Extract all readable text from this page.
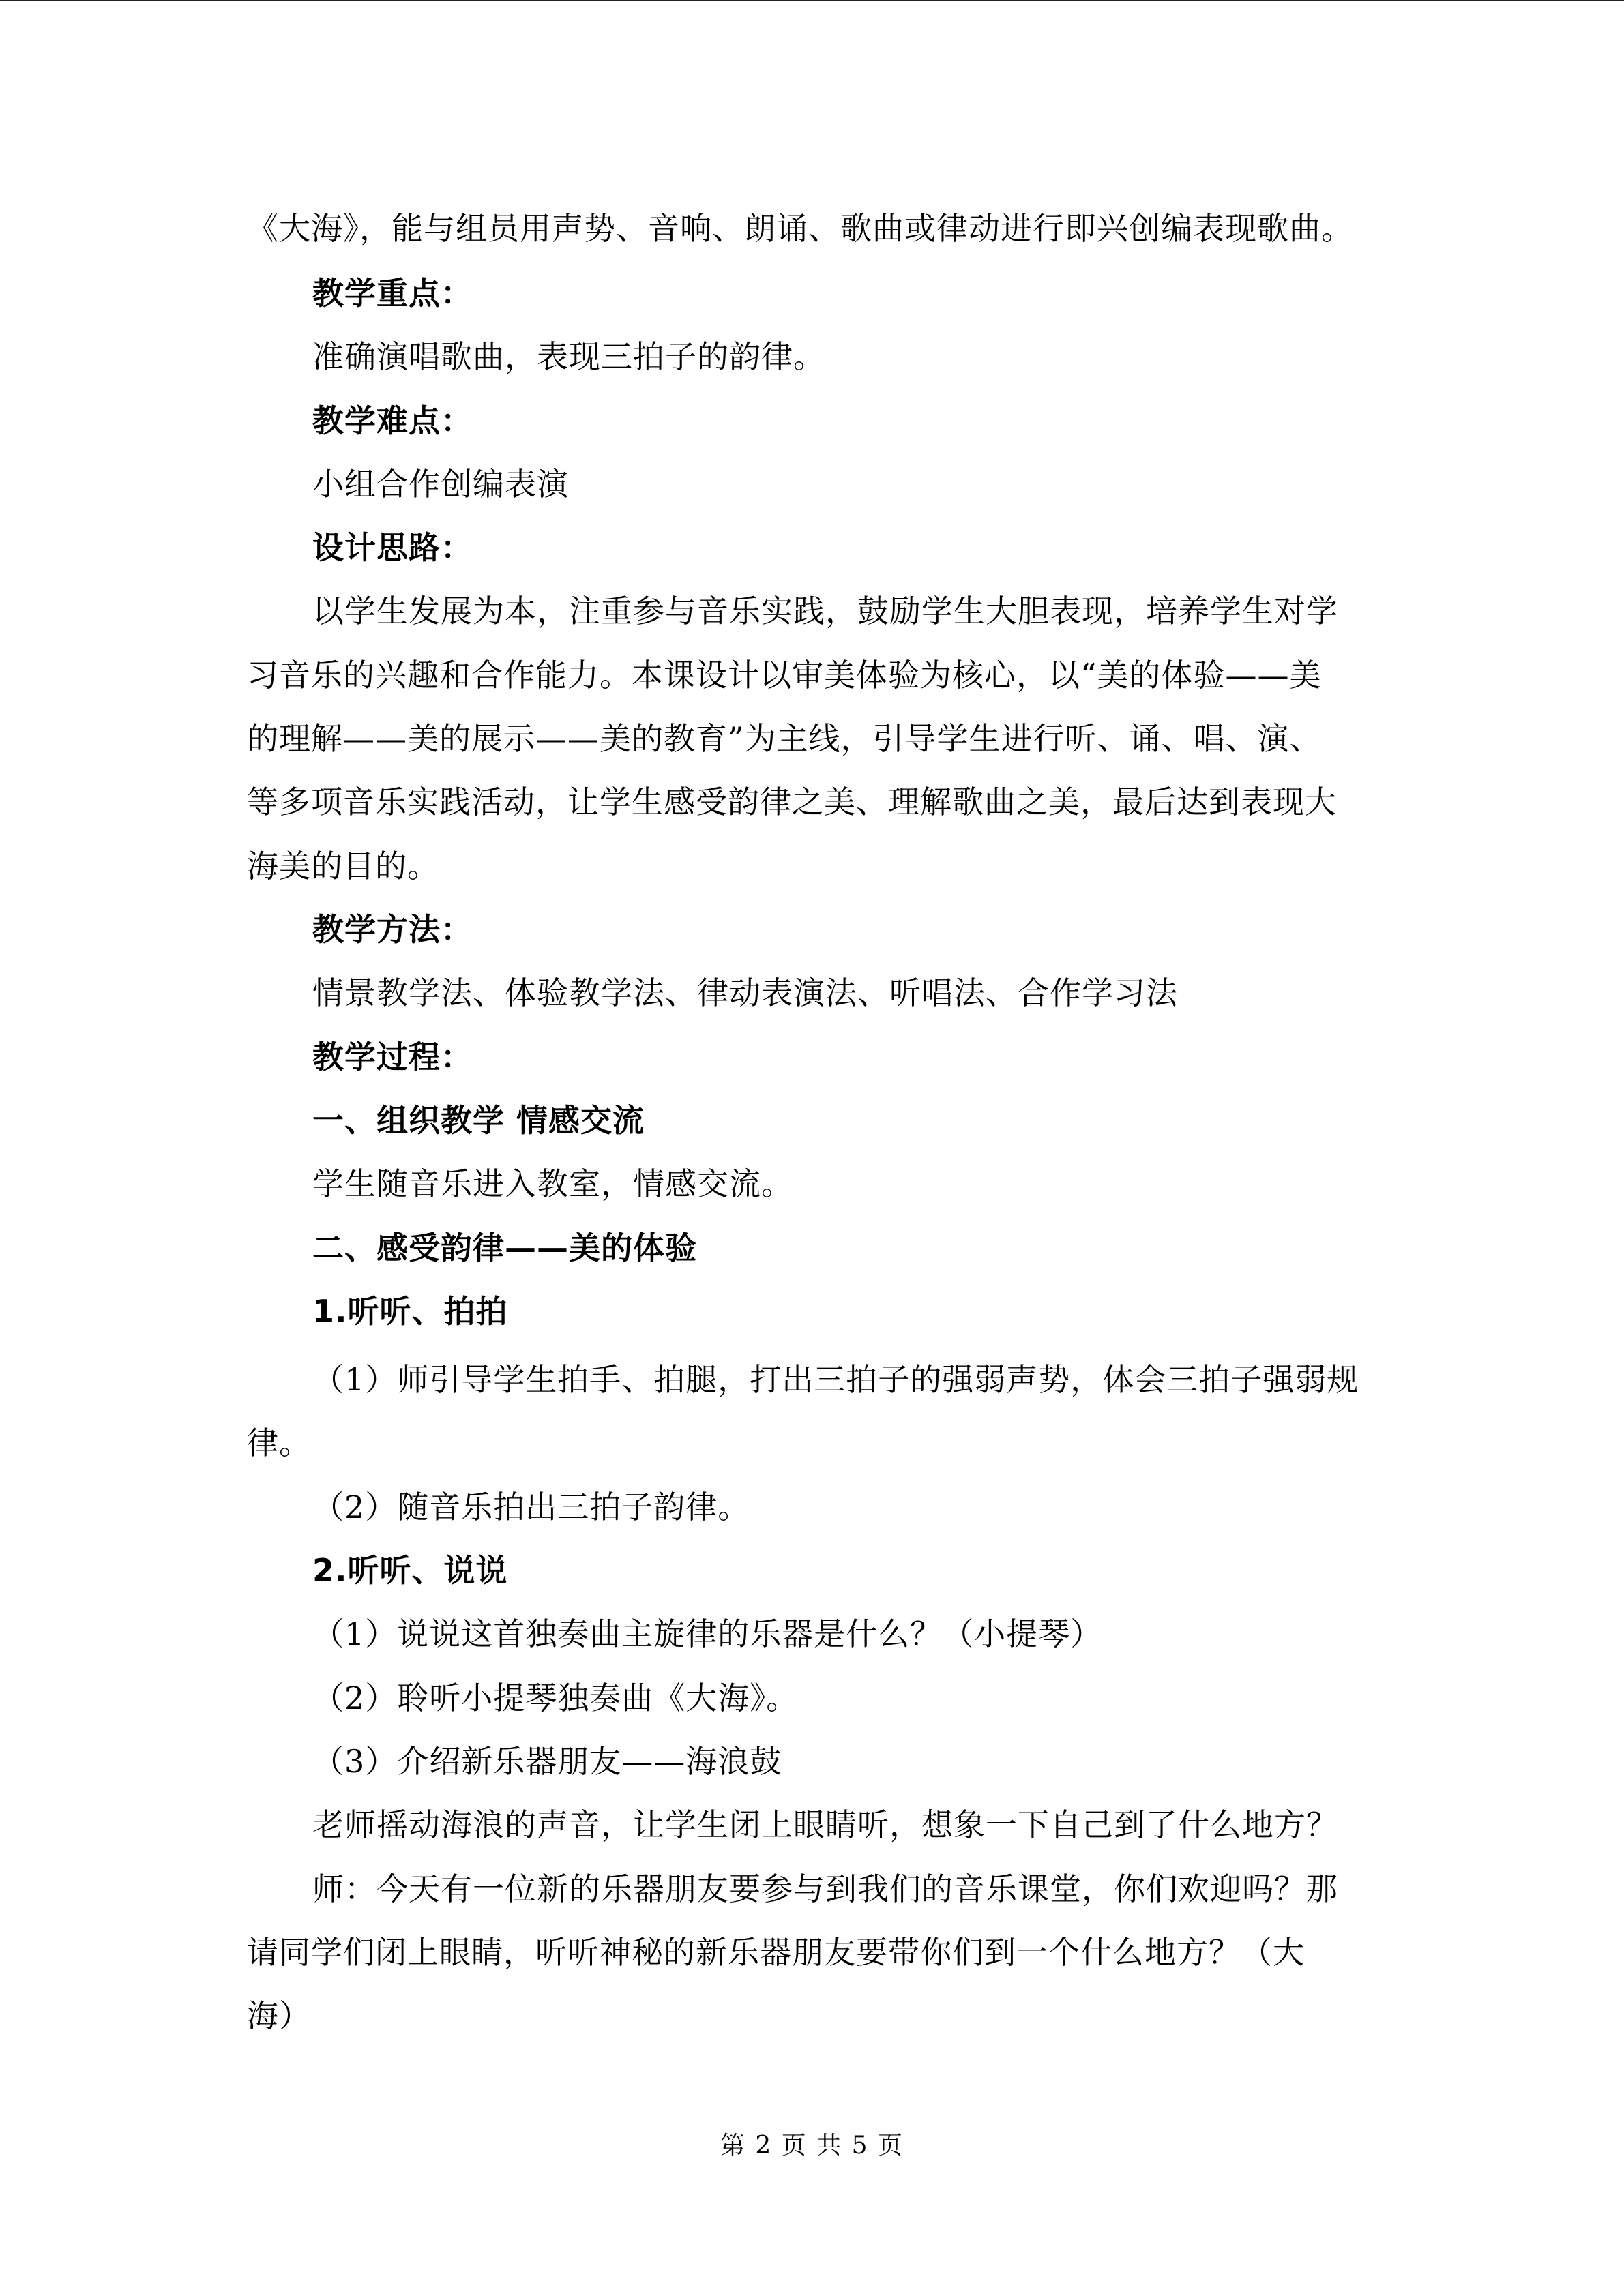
《大海》，能与组员用声势、音响、朗诵、歌曲或律动进行即兴创编表现歌曲。
教学重点：
准确演唱歌曲，表现三拍子的韵律。
教学难点：
小组合作创编表演
设计思路：
以学生发展为本，注重参与音乐实践，鼓励学生大胆表现，培养学生对学
习音乐的兴趣和合作能力。本课设计以审美体验为核心，以“美的体验——美
的理解——美的展示——美的教育”为主线，引导学生进行听、诵、唱、演、
等多项音乐实践活动，让学生感受韵律之美、理解歌曲之美，最后达到表现大
海美的目的。
教学方法：
情景教学法、体验教学法、律动表演法、听唱法、合作学习法
教学过程：
一、组织教学 情感交流
学生随音乐进入教室，情感交流。
二、感受韵律——美的体验
1.听听、拍拍
（1）师引导学生拍手、拍腿，打出三拍子的强弱声势，体会三拍子强弱规
律。
（2）随音乐拍出三拍子韵律。
2.听听、说说
（1）说说这首独奏曲主旋律的乐器是什么？（小提琴）
（2）聆听小提琴独奏曲《大海》。
（3）介绍新乐器朋友——海浪鼓
老师摇动海浪的声音，让学生闭上眼睛听，想象一下自己到了什么地方？
师：今天有一位新的乐器朋友要参与到我们的音乐课堂，你们欢迎吗？那
请同学们闭上眼睛，听听神秘的新乐器朋友要带你们到一个什么地方？（大
海）
第 2 页 共 5 页
